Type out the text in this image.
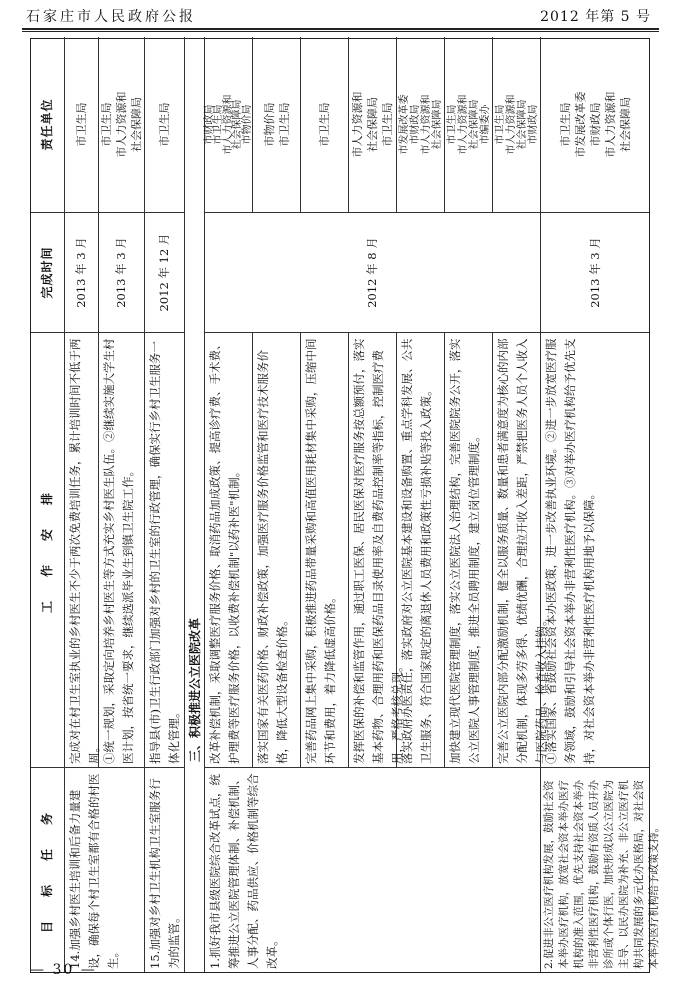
石家庄市人民政府公报	2012 年第 5 号
目　标　任　务
工　作　安　排
完成时间
责任单位
14.加强乡村医生培训和后备力量建设，确保每个村卫生室都有合格的村医生。
完成对在村卫生室执业的乡村医生不少于两次免费培训任务，累计培训时间不低于两周。
2013 年 3 月
市卫生局
①统一规划，采取定向培养乡村医生等方式充实乡村医生队伍。②继续实施大学生村医计划，按省统一要求，继续选派毕业生到镇卫生院工作。
2013 年 3 月
市卫生局
市人力资源和
社会保障局
15.加强对乡村卫生机构卫生室服务行为的监管。
指导县(市)卫生行政部门加强对乡村的卫生室的行政管理，确保实行乡村卫生服务一体化管理。
2012 年 12 月
市卫生局
三、积极推进公立医院改革
1.抓好我市县级医院综合改革试点，统筹推进公立医院管理体制、补偿机制、人事分配、药品供应、价格机制等综合改革。
2012 年 8 月
改革补偿机制，采取调整医疗服务价格、取消药品加成政策、提高诊疗费、手术费、护理费等医疗服务价格，以收费补偿机制"以药补医"机制。
市财政局
市卫生局
市人力资源和
社会保障局
市物价局
落实国家有关医药价格、财政补偿政策，加强医疗服务价格监管和医疗技术服务价格，降低大型设备检查价格。
市物价局
市卫生局
完善药品网上集中采购，积极推进药品带量采购和高值医用耗材集中采购，压缩中间环节和费用，着力降低虚高价格。
市卫生局
发挥医保的补偿和监管作用，通过职工医保、居民医保对医疗服务按总额预付，落实基本药物、合理用药和医保药品目录使用率及自费药品控制率等指标，控制医疗费用，严格考核兑现。
市人力资源和
社会保障局
市卫生局
落实政府办医责任，落实政府对公立医院基本建设和设备购置、重点学科发展、公共卫生服务、符合国家规定的离退休人员费用和政策性亏损补贴等投入政策。
市发展改革委
市财政局
市人力资源和
社会保障局
加快建立现代医院管理制度，落实公立医院法人治理结构，完善医院院务公开，落实公立医院人事管理制度，推进全员聘用制度，建立岗位管理制度。
市卫生局
市人力资源和
社会保障局
市编委办
完善公立医院内部分配激励机制，健全以服务质量、数量和患者满意度为核心的内部分配机制，体现多劳多得、优绩优酬，合理拉开收入差距，严禁把医务人员个人收入与医院药品、检查收入挂钩。
市卫生局
市人力资源和
社会保障局
市财政局
2.促进非公立医疗机构发展，鼓励社会资本举办医疗机构，放宽社会资本举办医疗机构的准入范围，优先支持社会资本举办非营利性医疗机构，鼓励有资质人员开办诊所或个体行医，加快形成以公立医院为主导、以民办医院为补充、非公立医疗机构共同发展的多元化办医格局，对社会资本举办医疗机构给予政策支持。
①落实国家、省鼓励社会资本办医政策，进一步改善执业环境。②进一步放宽医疗服务领域，鼓励和引导社会资本举办非营利性医疗机构。③对举办医疗机构给予优先支持，对社会资本举办非营利性医疗机构用地予以保障。
2013 年 3 月
市卫生局
市发展改革委
市财政局
市人力资源和
社会保障局
— 30 —
